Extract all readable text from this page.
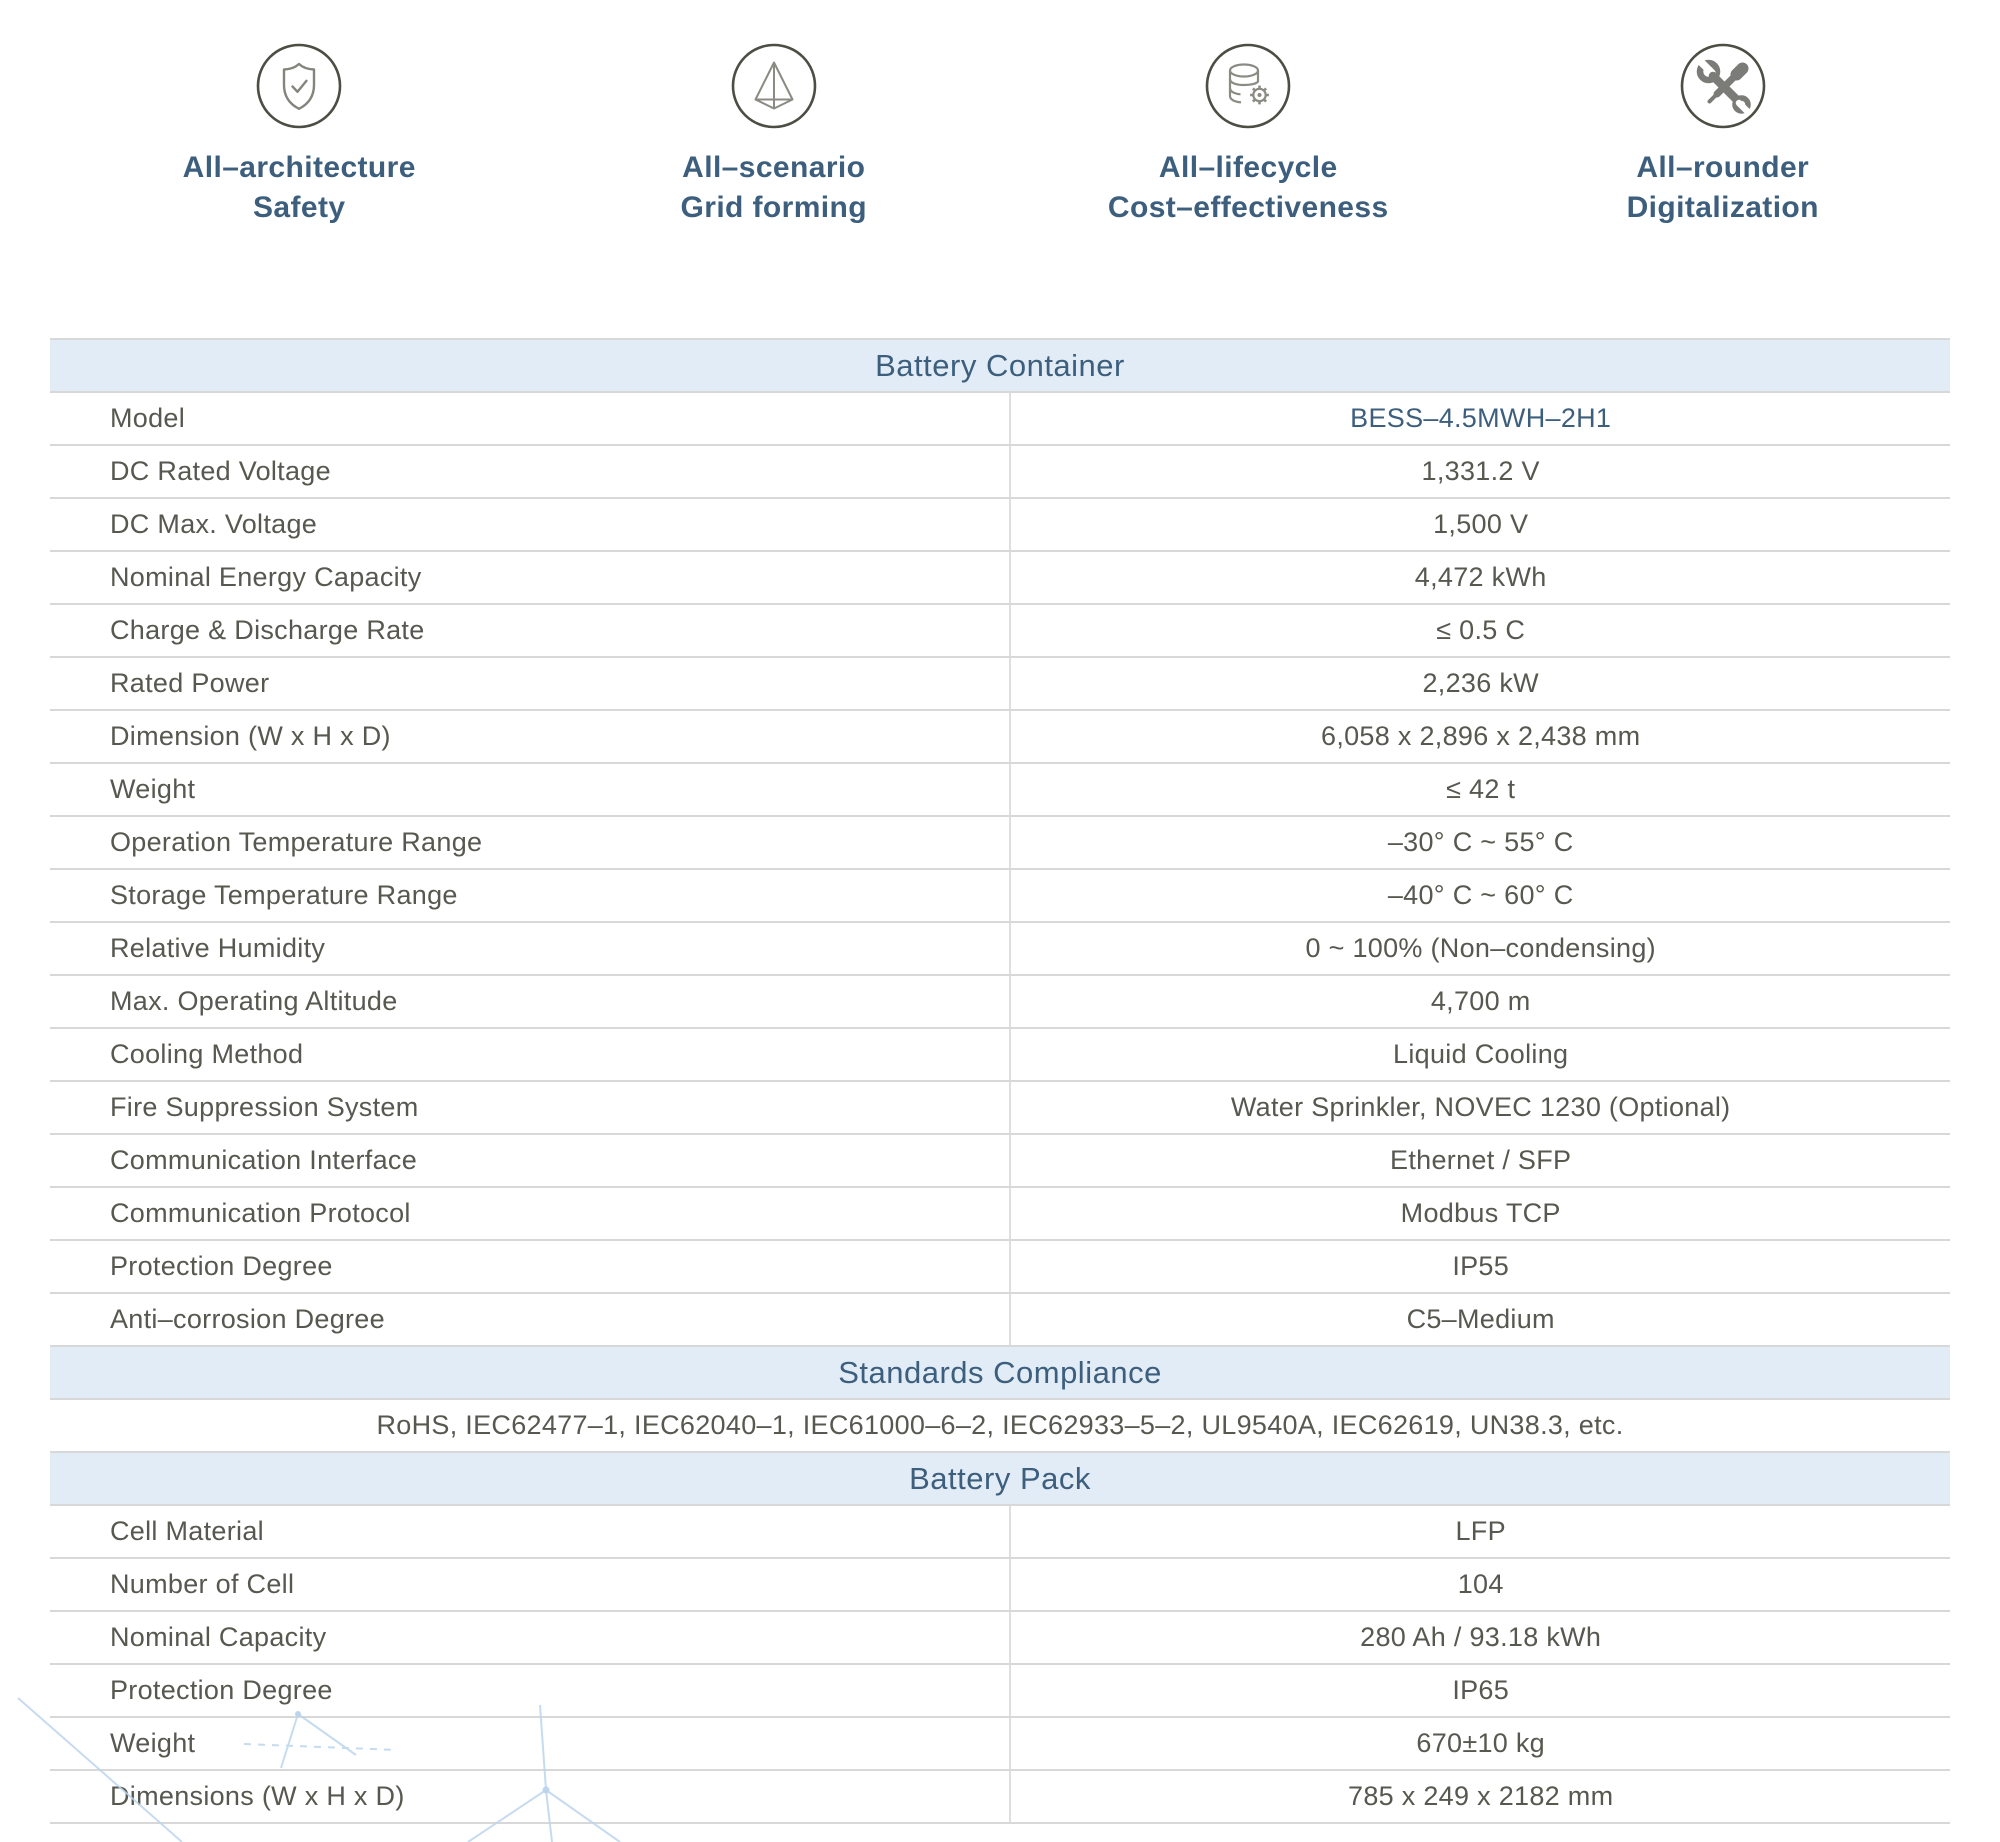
All–architecture
Safety
All–scenario
Grid forming
All–lifecycle
Cost–effectiveness
All–rounder
Digitalization
Battery Container
Model	BESS–4.5MWH–2H1
DC Rated Voltage	1,331.2 V
DC Max. Voltage	1,500 V
Nominal Energy Capacity	4,472 kWh
Charge & Discharge Rate	≤ 0.5 C
Rated Power	2,236 kW
Dimension (W x H x D)	6,058 x 2,896 x 2,438 mm
Weight	≤ 42 t
Operation Temperature Range	–30° C ~ 55° C
Storage Temperature Range	–40° C ~ 60° C
Relative Humidity	0 ~ 100% (Non–condensing)
Max. Operating Altitude	4,700 m
Cooling Method	Liquid Cooling
Fire Suppression System	Water Sprinkler, NOVEC 1230 (Optional)
Communication Interface	Ethernet / SFP
Communication Protocol	Modbus TCP
Protection Degree	IP55
Anti–corrosion Degree	C5–Medium
Standards Compliance
RoHS, IEC62477–1, IEC62040–1, IEC61000–6–2, IEC62933–5–2, UL9540A, IEC62619, UN38.3, etc.
Battery Pack
Cell Material	LFP
Number of Cell	104
Nominal Capacity	280 Ah / 93.18 kWh
Protection Degree	IP65
Weight	670±10 kg
Dimensions (W x H x D)	785 x 249 x 2182 mm
